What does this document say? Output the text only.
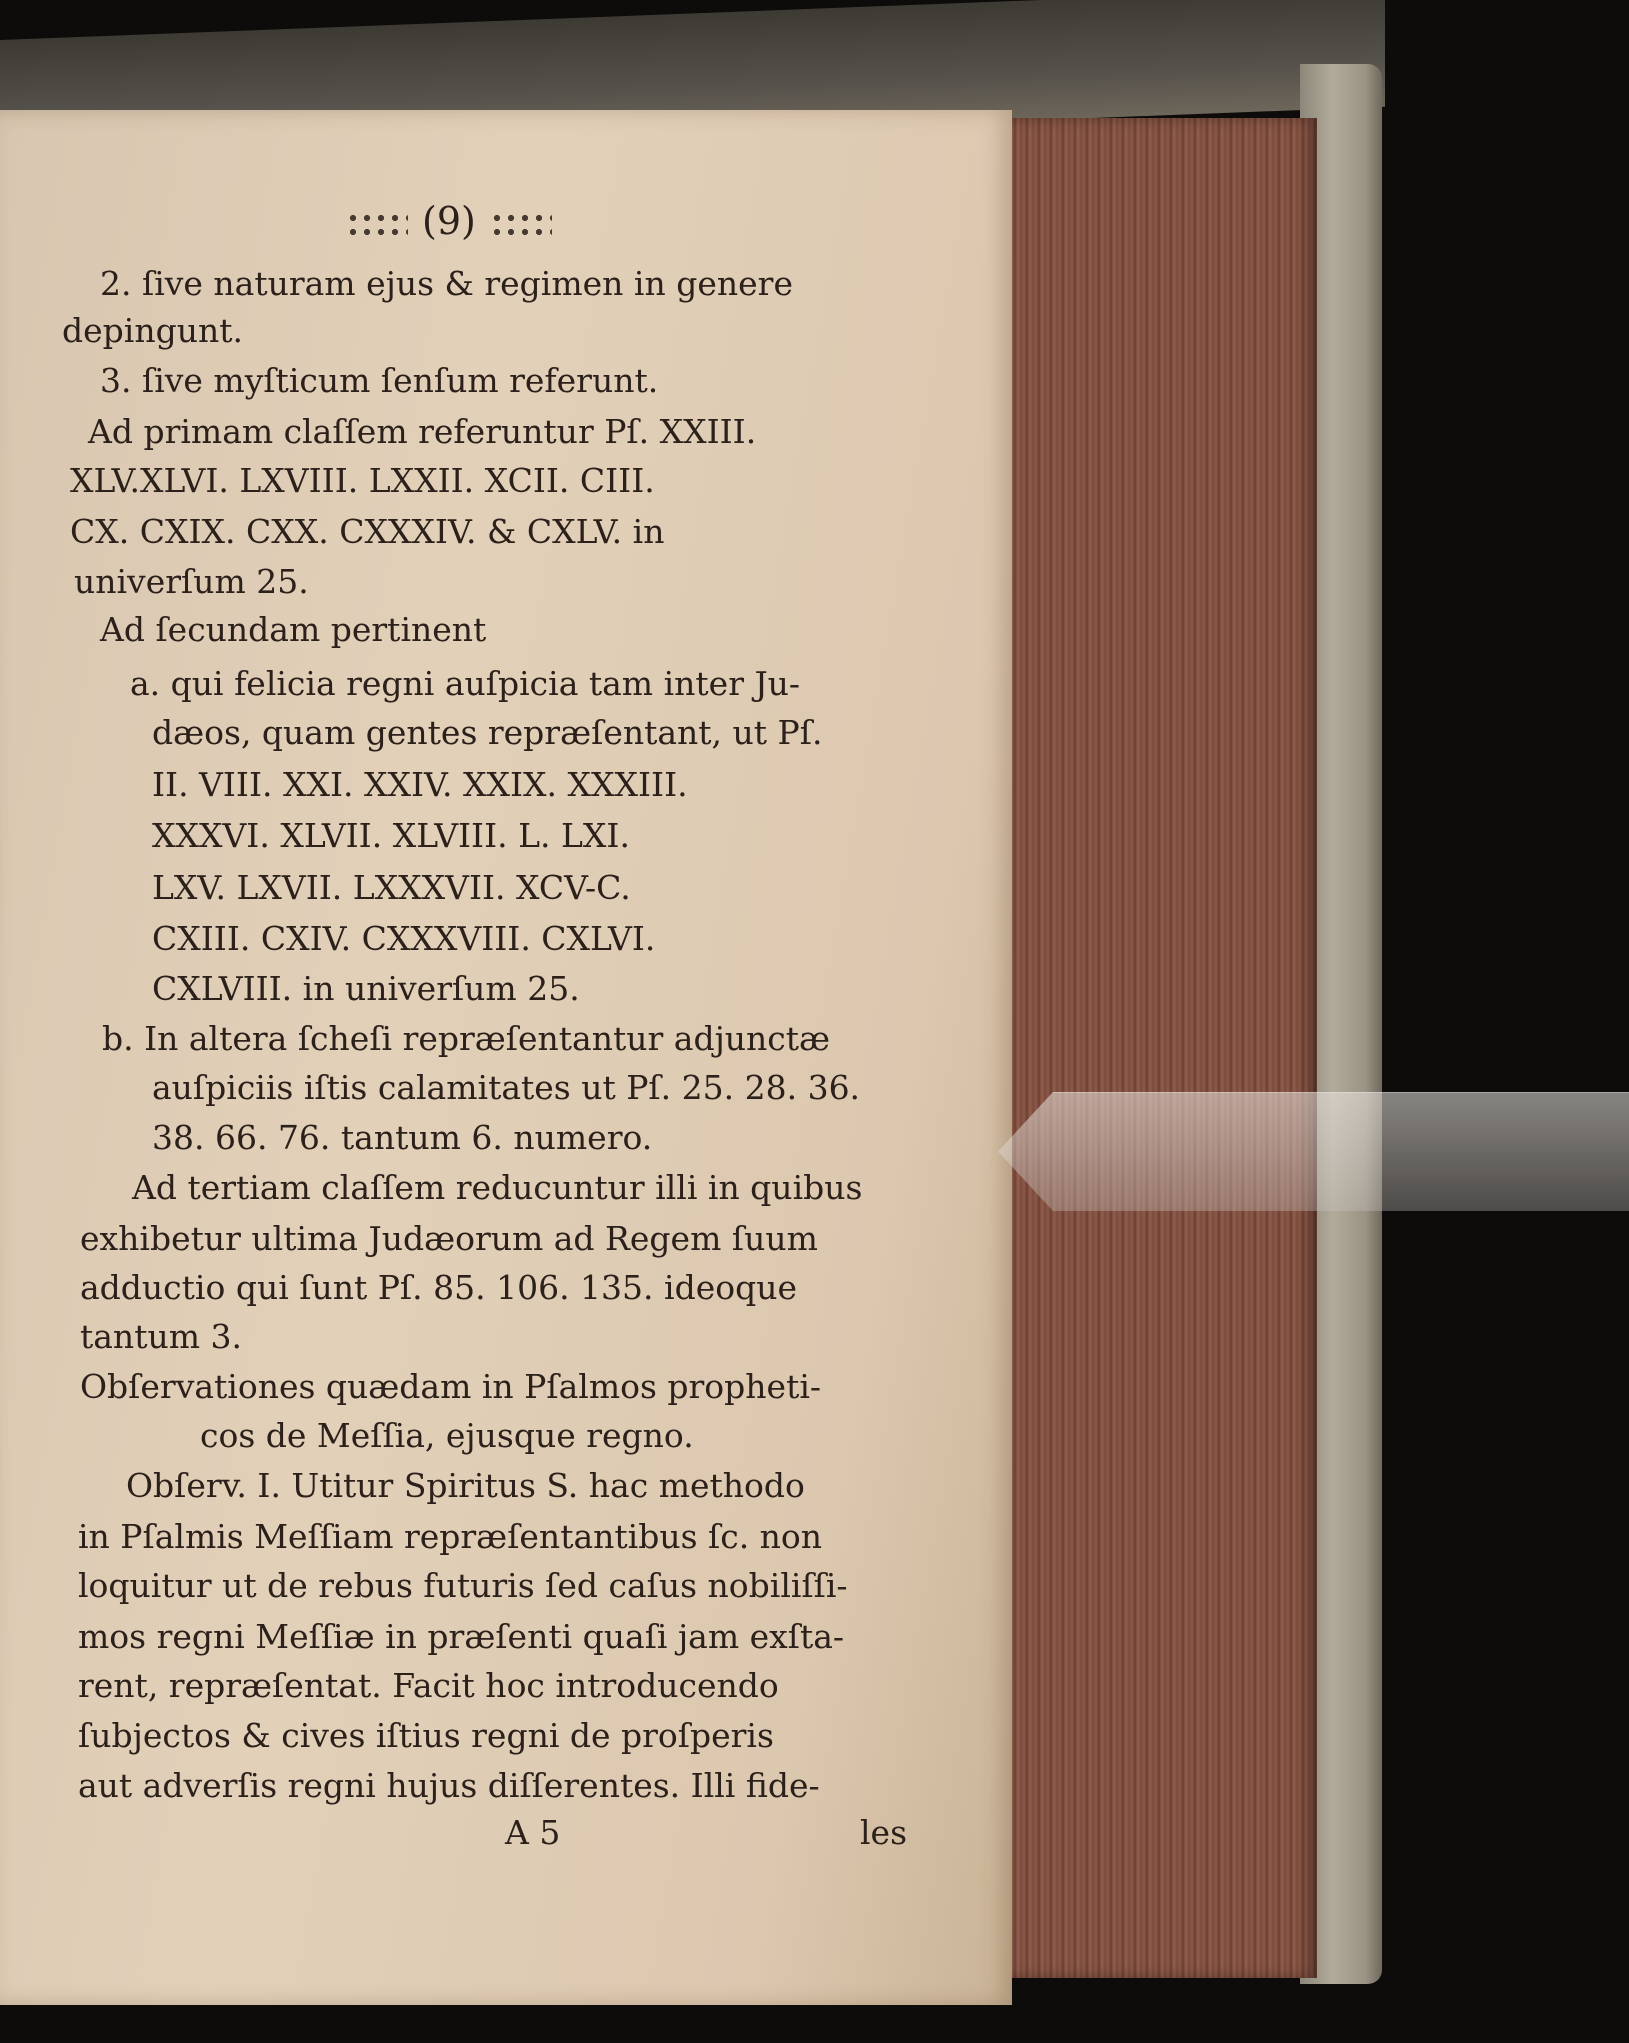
(9)
2. ſive naturam ejus & regimen in genere
depingunt.
3. ſive myſticum ſenſum referunt.
Ad primam claſſem referuntur Pſ. XXIII.
XLV.XLVI. LXVIII. LXXII. XCII. CIII.
CX. CXIX. CXX. CXXXIV. & CXLV. in
univerſum 25.
Ad ſecundam pertinent
a. qui felicia regni auſpicia tam inter Ju-
dæos, quam gentes repræſentant, ut Pſ.
II. VIII. XXI. XXIV. XXIX. XXXIII.
XXXVI. XLVII. XLVIII. L. LXI.
LXV. LXVII. LXXXVII. XCV-C.
CXIII. CXIV. CXXXVIII. CXLVI.
CXLVIII. in univerſum 25.
b. In altera ſcheſi repræſentantur adjunctæ
auſpiciis iſtis calamitates ut Pſ. 25. 28. 36.
38. 66. 76. tantum 6. numero.
Ad tertiam claſſem reducuntur illi in quibus
exhibetur ultima Judæorum ad Regem ſuum
adductio qui ſunt Pſ. 85. 106. 135. ideoque
tantum 3.
Obſervationes quædam in Pſalmos propheti-
cos de Meſſia, ejusque regno.
Obſerv. I. Utitur Spiritus S. hac methodo
in Pſalmis Meſſiam repræſentantibus ſc. non
loquitur ut de rebus futuris ſed caſus nobiliſſi-
mos regni Meſſiæ in præſenti quaſi jam exſta-
rent, repræſentat. Facit hoc introducendo
ſubjectos & cives iſtius regni de proſperis
aut adverſis regni hujus diſſerentes. Illi fide-
A 5	les
